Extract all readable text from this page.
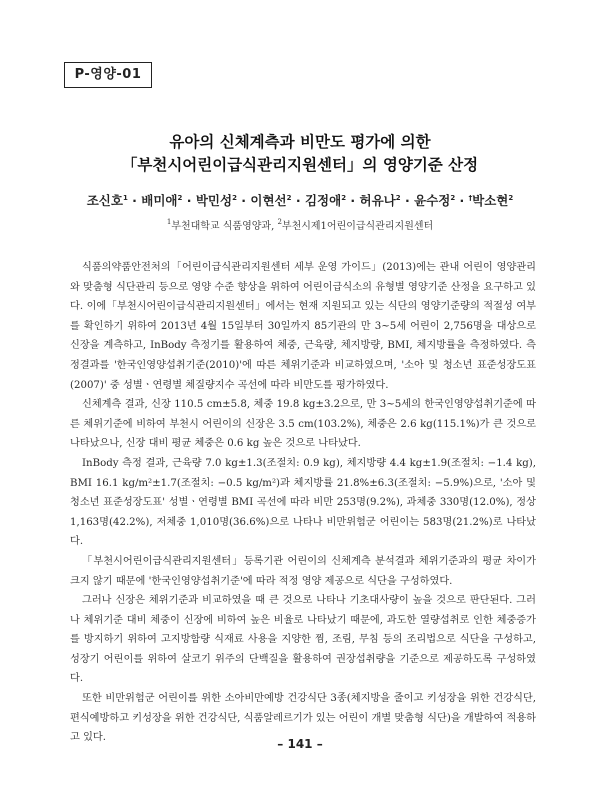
P-영양-01
유아의 신체계측과 비만도 평가에 의한
「부천시어린이급식관리지원센터」의 영양기준 산정
조신호$^1$ · 배미애$^2$ · 박민성$^2$ · 이현선$^2$ · 김정애$^2$ · 허유나$^2$ · 윤수정$^2$ · †박소현$^2$
$^1$부천대학교 식품영양과, $^2$부천시제1어린이급식관리지원센터

식품의약품안전처의「어린이급식관리지원센터 세부 운영 가이드」(2013)에는 관내 어린이 영양관리와 맞춤형 식단관리 등으로 영양 수준 향상을 위하여 어린이급식소의 유형별 영양기준 산정을 요구하고 있다. 이에「부천시어린이급식관리지원센터」에서는 현재 지원되고 있는 식단의 영양기준량의 적절성 여부를 확인하기 위하여 2013년 4월 15일부터 30일까지 85기관의 만 3~5세 어린이 2,756명을 대상으로 신장을 계측하고, InBody 측정기를 활용하여 체중, 근육량, 체지방량, BMI, 체지방률을 측정하였다. 측정결과를 '한국인영양섭취기준(2010)'에 따른 체위기준과 비교하였으며, '소아 및 청소년 표준성장도표(2007)' 중 성별ㆍ연령별 체질량지수 곡선에 따라 비만도를 평가하였다.

신체계측 결과, 신장 110.5 cm±5.8, 체중 19.8 kg±3.2으로, 만 3~5세의 한국인영양섭취기준에 따른 체위기준에 비하여 부천시 어린이의 신장은 3.5 cm(103.2%), 체중은 2.6 kg(115.1%)가 큰 것으로 나타났으나, 신장 대비 평균 체중은 0.6 kg 높은 것으로 나타났다.

InBody 측정 결과, 근육량 7.0 kg±1.3(조절치: 0.9 kg), 체지방량 4.4 kg±1.9(조절치: −1.4 kg), BMI 16.1 kg/m²±1.7(조절치: −0.5 kg/m²)과 체지방률 21.8%±6.3(조절치: −5.9%)으로, '소아 및 청소년 표준성장도표' 성별ㆍ연령별 BMI 곡선에 따라 비만 253명(9.2%), 과체중 330명(12.0%), 정상 1,163명(42.2%), 저체중 1,010명(36.6%)으로 나타나 비만위험군 어린이는 583명(21.2%)로 나타났다.

「부천시어린이급식관리지원센터」등록기관 어린이의 신체계측 분석결과 체위기준과의 평균 차이가 크지 않기 때문에 '한국인영양섭취기준'에 따라 적정 영양 제공으로 식단을 구성하였다.

그러나 신장은 체위기준과 비교하였을 때 큰 것으로 나타나 기초대사량이 높을 것으로 판단된다. 그러나 체위기준 대비 체중이 신장에 비하여 높은 비율로 나타났기 때문에, 과도한 열량섭취로 인한 체중증가를 방지하기 위하여 고지방함량 식재료 사용을 지양한 찜, 조림, 무침 등의 조리법으로 식단을 구성하고, 성장기 어린이를 위하여 살코기 위주의 단백질을 활용하여 권장섭취량을 기준으로 제공하도록 구성하였다.

또한 비만위험군 어린이를 위한 소아비만예방 건강식단 3종(체지방을 줄이고 키성장을 위한 건강식단, 편식예방하고 키성장을 위한 건강식단, 식품알레르기가 있는 어린이 개별 맞춤형 식단)을 개발하여 적용하고 있다.	– 141 –
